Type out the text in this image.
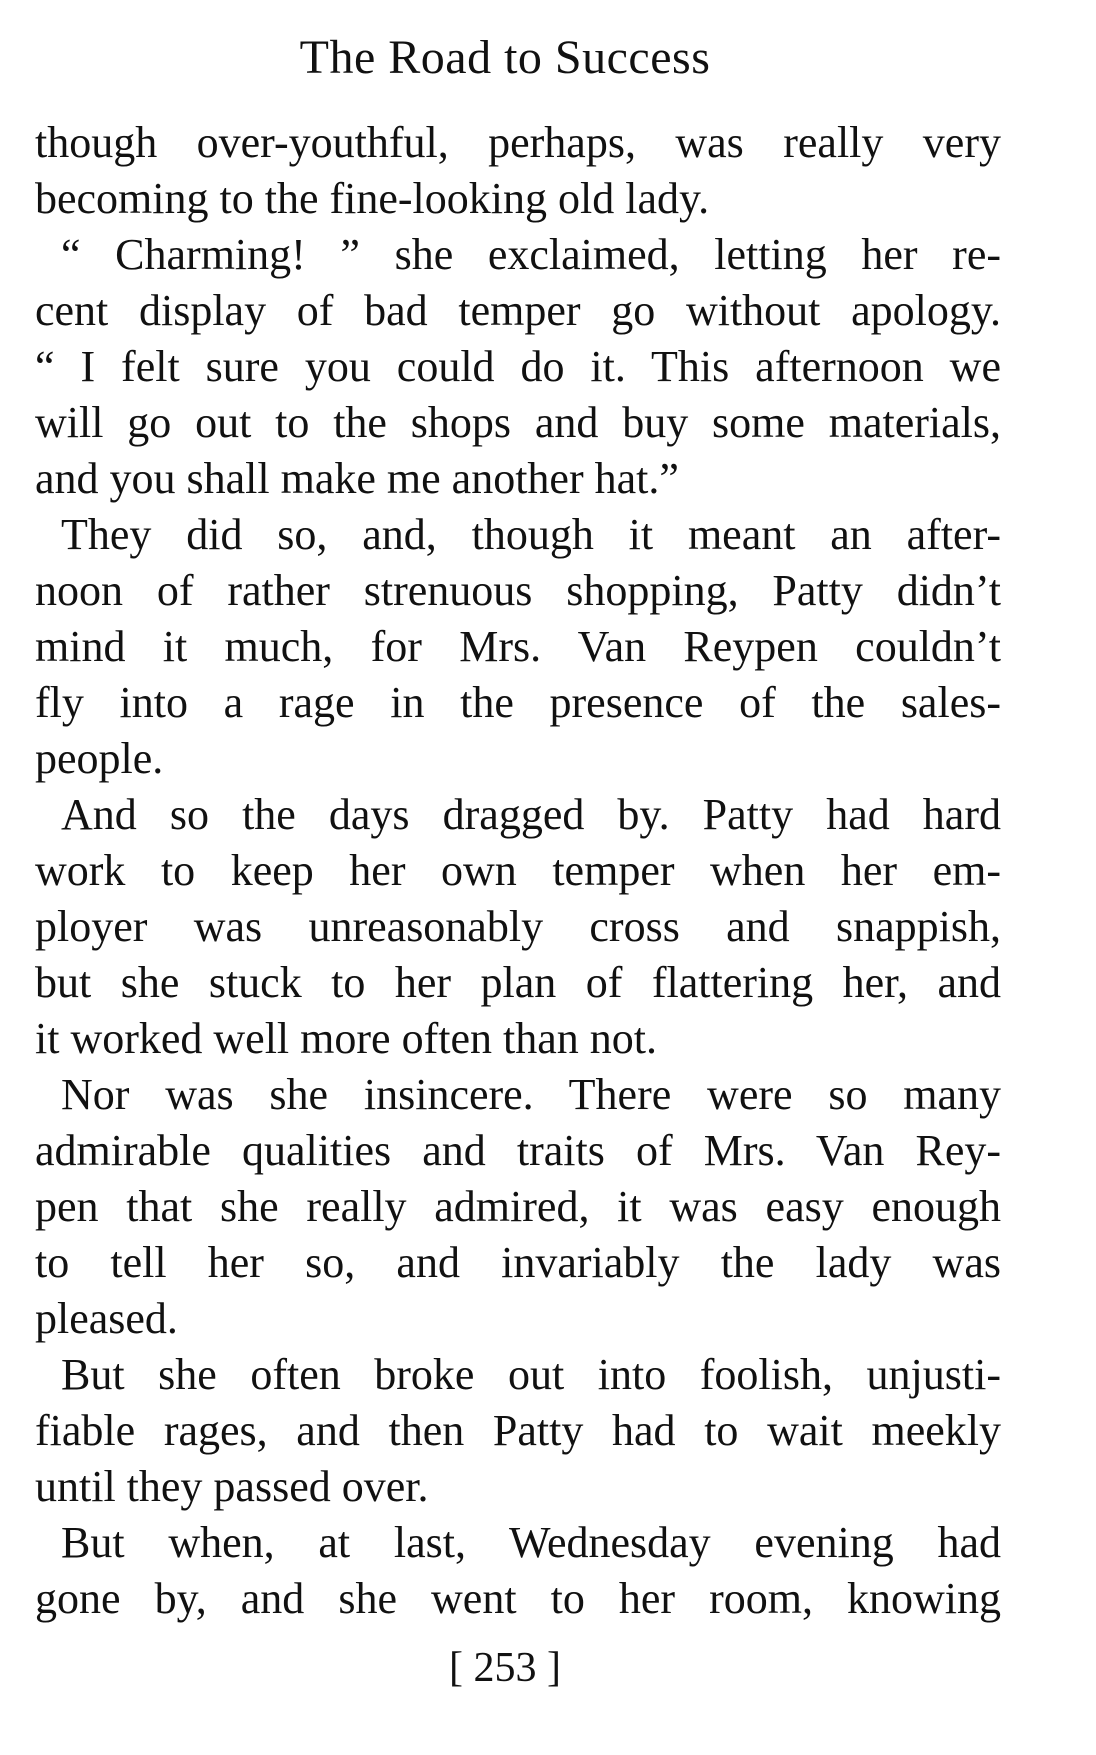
The Road to Success
though over-youthful, perhaps, was really very
becoming to the fine-looking old lady.
“ Charming! ” she exclaimed, letting her re-
cent display of bad temper go without apology.
“ I felt sure you could do it. This afternoon we
will go out to the shops and buy some materials,
and you shall make me another hat.”
They did so, and, though it meant an after-
noon of rather strenuous shopping, Patty didn’t
mind it much, for Mrs. Van Reypen couldn’t
fly into a rage in the presence of the sales-
people.
And so the days dragged by. Patty had hard
work to keep her own temper when her em-
ployer was unreasonably cross and snappish,
but she stuck to her plan of flattering her, and
it worked well more often than not.
Nor was she insincere. There were so many
admirable qualities and traits of Mrs. Van Rey-
pen that she really admired, it was easy enough
to tell her so, and invariably the lady was
pleased.
But she often broke out into foolish, unjusti-
fiable rages, and then Patty had to wait meekly
until they passed over.
But when, at last, Wednesday evening had
gone by, and she went to her room, knowing
[ 253 ]
